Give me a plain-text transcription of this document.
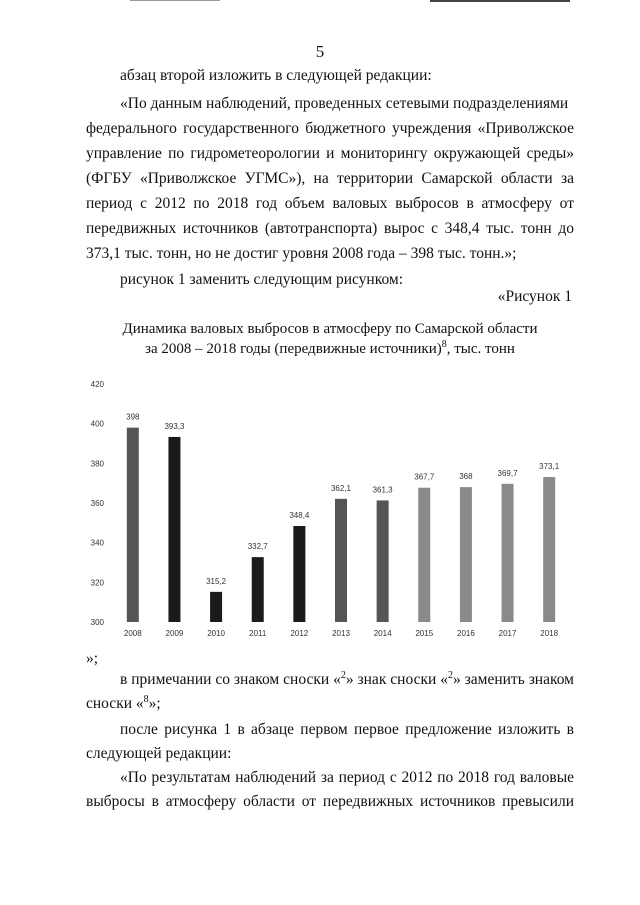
5
абзац второй изложить в следующей редакции:
«По данным наблюдений, проведенных сетевыми подразделениями
федерального государственного бюджетного учреждения «Приволжское
управление по гидрометеорологии и мониторингу окружающей среды»
(ФГБУ «Приволжское УГМС»), на территории Самарской области за
период с 2012 по 2018 год объем валовых выбросов в атмосферу от
передвижных источников (автотранспорта) вырос с 348,4 тыс. тонн до
373,1 тыс. тонн, но не достиг уровня 2008 года – 398 тыс. тонн.»;
рисунок 1 заменить следующим рисунком:
«Рисунок 1
Динамика валовых выбросов в атмосферу по Самарской области
за 2008 – 2018 годы (передвижные источники)$^8$, тыс. тонн
300
320
340
360
380
400
420
398
2008
393,3
2009
315,2
2010
332,7
2011
348,4
2012
362,1
2013
361,3
2014
367,7
2015
368
2016
369,7
2017
373,1
2018
»;
в примечании со знаком сноски «$^2$» знак сноски «$^2$» заменить знаком
сноски «$^8$»;
после рисунка 1 в абзаце первом первое предложение изложить в
следующей редакции:
«По результатам наблюдений за период с 2012 по 2018 год валовые
выбросы в атмосферу области от передвижных источников превысили
